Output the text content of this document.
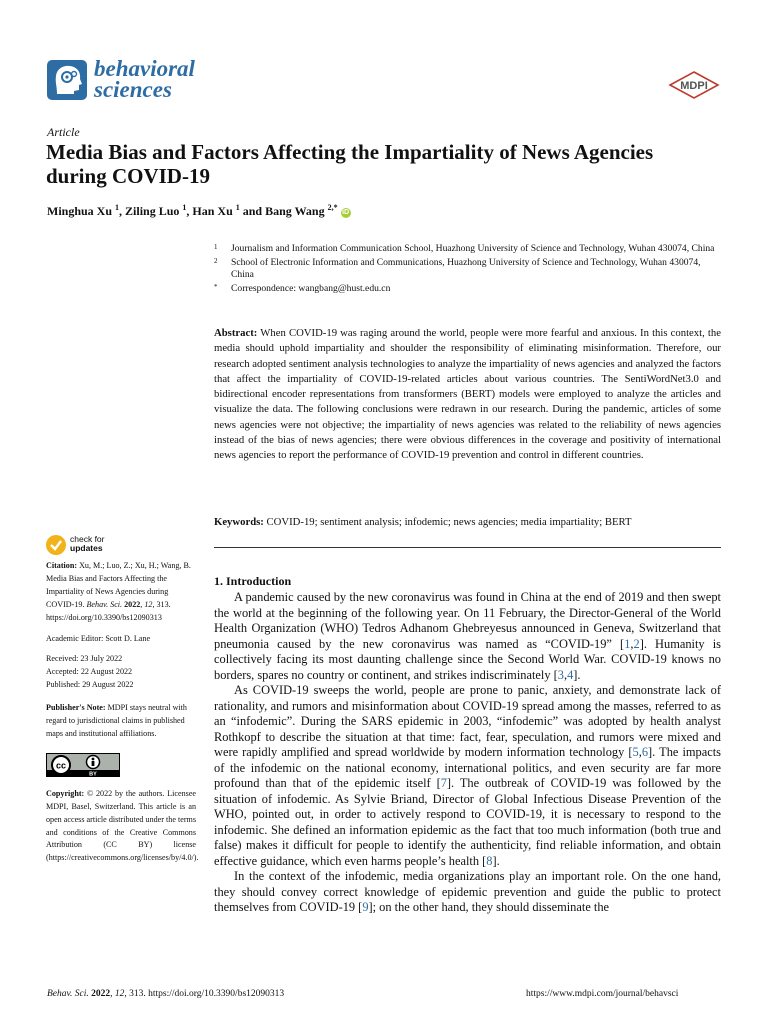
behavioral
sciences	MDPI
Article
Media Bias and Factors Affecting the Impartiality of News Agencies during COVID-19
Minghua Xu $^1$, Ziling Luo $^1$, Han Xu $^1$ and Bang Wang $^{2,*}$ iD
1 Journalism and Information Communication School, Huazhong University of Science and Technology, Wuhan 430074, China
2 School of Electronic Information and Communications, Huazhong University of Science and Technology, Wuhan 430074, China
* Correspondence: wangbang@hust.edu.cn
Abstract: When COVID-19 was raging around the world, people were more fearful and anxious. In this context, the media should uphold impartiality and shoulder the responsibility of eliminating misinformation. Therefore, our research adopted sentiment analysis technologies to analyze the impartiality of news agencies and analyzed the factors that affect the impartiality of COVID-19-related articles about various countries. The SentiWordNet3.0 and bidirectional encoder representations from transformers (BERT) models were employed to analyze the articles and visualize the data. The following conclusions were redrawn in our research. During the pandemic, articles of some news agencies were not objective; the impartiality of news agencies was related to the reliability of news agencies instead of the bias of news agencies; there were obvious differences in the coverage and positivity of international news agencies to report the performance of COVID-19 prevention and control in different countries.
Keywords: COVID-19; sentiment analysis; infodemic; news agencies; media impartiality; BERT
check for
updates

Citation: Xu, M.; Luo, Z.; Xu, H.; Wang, B. Media Bias and Factors Affecting the Impartiality of News Agencies during COVID-19. Behav. Sci. 2022, 12, 313. https://doi.org/10.3390/bs12090313

Academic Editor: Scott D. Lane

Received: 23 July 2022
Accepted: 22 August 2022
Published: 29 August 2022

Publisher's Note: MDPI stays neutral with regard to jurisdictional claims in published maps and institutional affiliations.

cc
BY

Copyright: © 2022 by the authors. Licensee MDPI, Basel, Switzerland. This article is an open access article distributed under the terms and conditions of the Creative Commons Attribution (CC BY) license (https://creativecommons.org/licenses/by/4.0/).

1. Introduction

A pandemic caused by the new coronavirus was found in China at the end of 2019 and then swept the world at the beginning of the following year. On 11 February, the Director-General of the World Health Organization (WHO) Tedros Adhanom Ghebreyesus announced in Geneva, Switzerland that pneumonia caused by the new coronavirus was named as “COVID-19” [1,2]. Humanity is collectively facing its most daunting challenge since the Second World War. COVID-19 knows no borders, spares no country or continent, and strikes indiscriminately [3,4].

As COVID-19 sweeps the world, people are prone to panic, anxiety, and demonstrate lack of rationality, and rumors and misinformation about COVID-19 spread among the masses, referred to as an “infodemic”. During the SARS epidemic in 2003, “infodemic” was adopted by health analyst Rothkopf to describe the situation at that time: fact, fear, speculation, and rumors were mixed and were rapidly amplified and spread worldwide by modern information technology [5,6]. The impacts of the infodemic on the national economy, international politics, and even security are far more profound than that of the epidemic itself [7]. The outbreak of COVID-19 was followed by the situation of infodemic. As Sylvie Briand, Director of Global Infectious Disease Prevention of the WHO, pointed out, in order to actively respond to COVID-19, it is necessary to respond to the infodemic. She defined an information epidemic as the fact that too much information (both true and false) makes it difficult for people to identify the authenticity, find reliable information, and obtain effective guidance, which even harms people’s health [8].

In the context of the infodemic, media organizations play an important role. On the one hand, they should convey correct knowledge of epidemic prevention and guide the public to protect themselves from COVID-19 [9]; on the other hand, they should disseminate the

Behav. Sci. 2022, 12, 313. https://doi.org/10.3390/bs12090313	https://www.mdpi.com/journal/behavsci
